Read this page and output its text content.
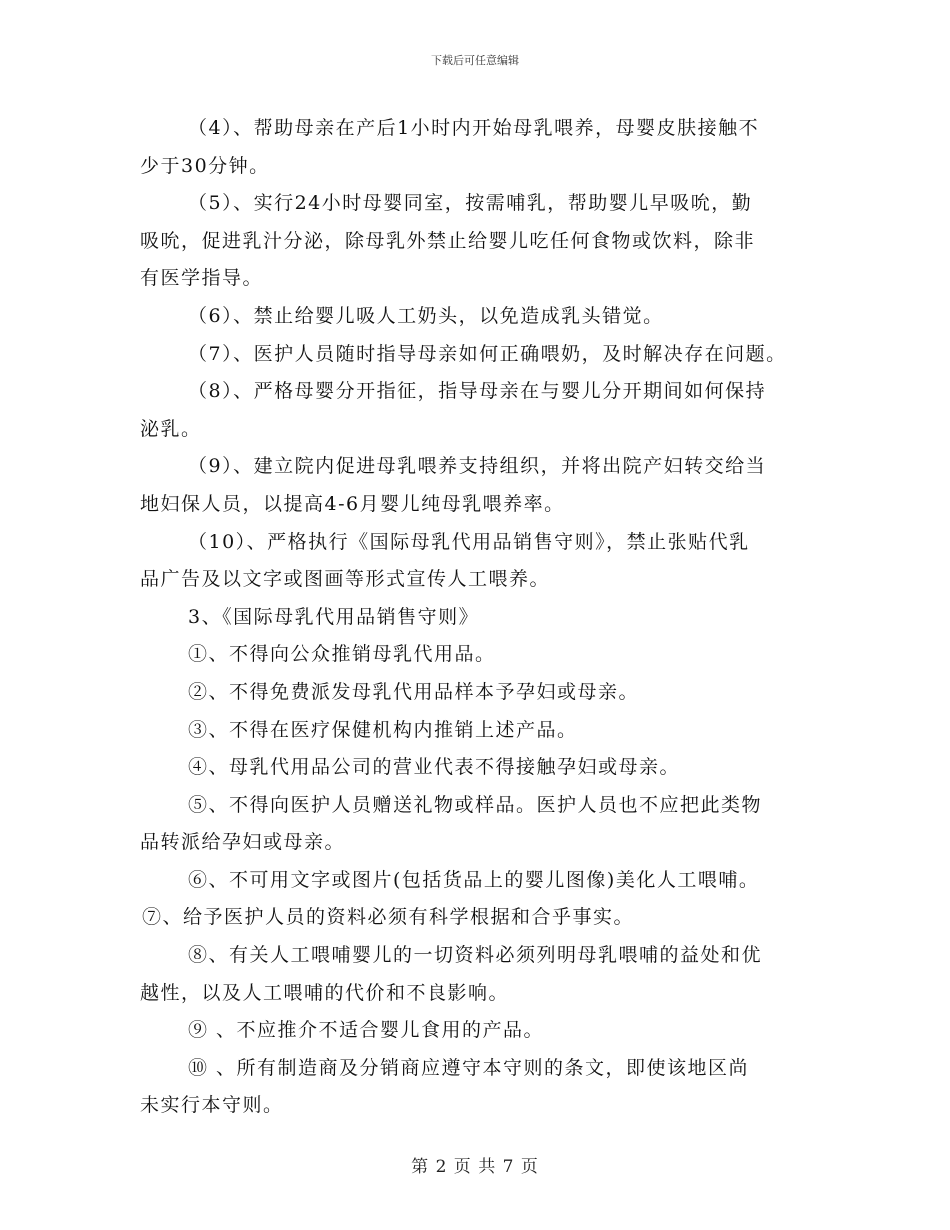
下载后可任意编辑
（4）、帮助母亲在产后1小时内开始母乳喂养，母婴皮肤接触不
少于30分钟。
（5）、实行24小时母婴同室，按需哺乳，帮助婴儿早吸吮，勤
吸吮，促进乳汁分泌，除母乳外禁止给婴儿吃任何食物或饮料，除非
有医学指导。
（6）、禁止给婴儿吸人工奶头，以免造成乳头错觉。
（7）、医护人员随时指导母亲如何正确喂奶，及时解决存在问题。
（8）、严格母婴分开指征，指导母亲在与婴儿分开期间如何保持
泌乳。
（9）、建立院内促进母乳喂养支持组织，并将出院产妇转交给当
地妇保人员，以提高4-6月婴儿纯母乳喂养率。
（10）、严格执行《国际母乳代用品销售守则》，禁止张贴代乳
品广告及以文字或图画等形式宣传人工喂养。
3、《国际母乳代用品销售守则》
①、不得向公众推销母乳代用品。
②、不得免费派发母乳代用品样本予孕妇或母亲。
③、不得在医疗保健机构内推销上述产品。
④、母乳代用品公司的营业代表不得接触孕妇或母亲。
⑤、不得向医护人员赠送礼物或样品。医护人员也不应把此类物
品转派给孕妇或母亲。
⑥、不可用文字或图片(包括货品上的婴儿图像)美化人工喂哺。
⑦、给予医护人员的资料必须有科学根据和合乎事实。
⑧、有关人工喂哺婴儿的一切资料必须列明母乳喂哺的益处和优
越性，以及人工喂哺的代价和不良影响。
⑨ 、不应推介不适合婴儿食用的产品。
⑩ 、所有制造商及分销商应遵守本守则的条文，即使该地区尚
未实行本守则。
第 2 页 共 7 页
